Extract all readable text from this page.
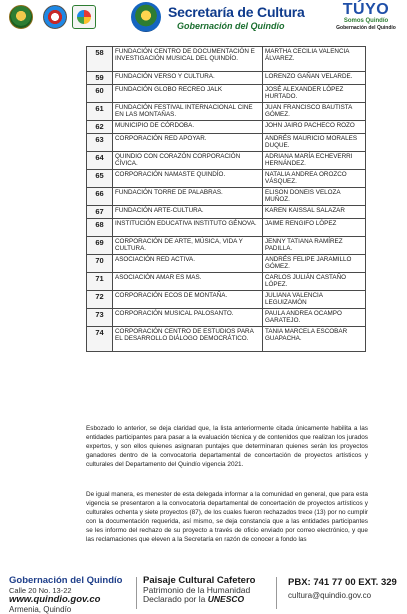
Secretaría de Cultura
Gobernación del Quindío
TÚYO
Somos Quindío
Gobernación del Quindío
58	FUNDACIÓN CENTRO DE DOCUMENTACIÓN E INVESTIGACIÓN MUSICAL DEL QUINDÍO.	MARTHA CECILIA VALENCIA ÁLVAREZ.
59	FUNDACIÓN VERSO Y CULTURA.	LORENZO GAÑAN VELARDE.
60	FUNDACIÓN GLOBO RECREO JALK	JOSÉ ALEXANDER LÓPEZ HURTADO.
61	FUNDACIÓN FESTIVAL INTERNACIONAL CINE EN LAS MONTAÑAS.	JUAN FRANCISCO BAUTISTA GÓMEZ.
62	MUNICIPIO DE CÓRDOBA.	JOHN JAIRO PACHECO ROZO
63	CORPORACIÓN RED APOYAR.	ANDRÉS MAURICIO MORALES DUQUE.
64	QUINDIO CON CORAZÓN CORPORACIÓN CÍVICA.	ADRIANA MARÍA ECHEVERRI HERNÁNDEZ.
65	CORPORACIÓN NAMASTE QUINDÍO.	NATALIA ANDREA OROZCO VÁSQUEZ.
66	FUNDACIÓN TORRE DE PALABRAS.	ELISON DONEIS VELOZA MUÑOZ.
67	FUNDACIÓN ARTE-CULTURA.	KAREN KAISSAL SALAZAR
68	INSTITUCIÓN EDUCATIVA INSTITUTO GÉNOVA.	JAIME RENGIFO LÓPEZ
69	CORPORACIÓN DE ARTE, MÚSICA, VIDA Y CULTURA.	JENNY TATIANA RAMÍREZ PADILLA.
70	ASOCIACIÓN RED ACTIVA.	ANDRÉS FELIPE JARAMILLO GÓMEZ.
71	ASOCIACIÓN AMAR ES MAS.	CARLOS JULIÁN CASTAÑO LÓPEZ.
72	CORPORACIÓN ECOS DE MONTAÑA.	JULIANA VALENCIA LEGUIZAMÓN
73	CORPORACIÓN MUSICAL PALOSANTO.	PAULA ANDREA OCAMPO GARATEJO.
74	CORPORACIÓN CENTRO DE ESTUDIOS PARA EL DESARROLLO DIÁLOGO DEMOCRÁTICO.	TANIA MARCELA ESCOBAR GUAPACHA.
Esbozado lo anterior, se deja claridad que, la lista anteriormente citada únicamente habilita a las entidades participantes para pasar a la evaluación técnica y de contenidos que realizan los jurados expertos, y son ellos quienes asignaran puntajes que determinaran quienes serán los proyectos ganadores dentro de la convocatoria departamental de concertación de proyectos artísticos y culturales del Departamento del Quindío vigencia 2021.
De igual manera, es menester de esta delegada informar a la comunidad en general, que para esta vigencia se presentaron a la convocatoria departamental de concertación de proyectos artísticos y culturales ochenta y siete proyectos (87), de los cuales fueron rechazados trece (13) por no cumplir con la documentación requerida, así mismo, se deja constancia que a las entidades participantes se les informo del rechazo de su proyecto a través de oficio enviado por correo electrónico, y que las reclamaciones que eleven a la Secretaría en razón de conocer a fondo las
Gobernación del Quindío
Calle 20 No. 13-22
www.quindio.gov.co
Armenia, Quindío
Paisaje Cultural Cafetero
Patrimonio de la Humanidad
Declarado por la UNESCO
PBX: 741 77 00 EXT. 329
cultura@quindio.gov.co
